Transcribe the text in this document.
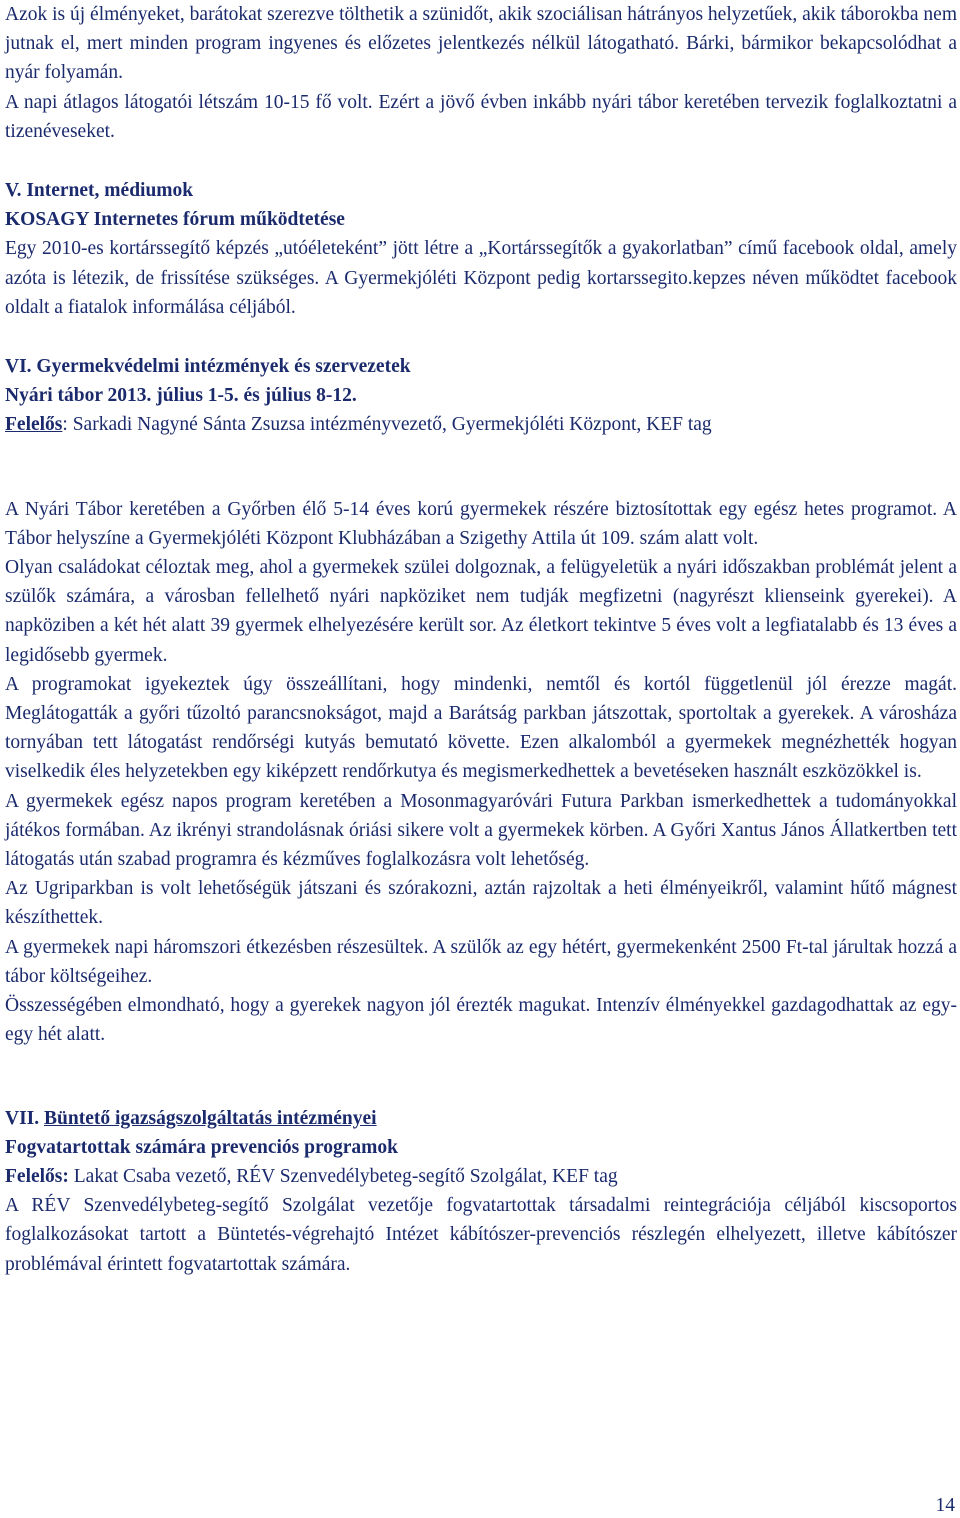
Azok is új élményeket, barátokat szerezve tölthetik a szünidőt, akik szociálisan hátrányos helyzetűek, akik táborokba nem jutnak el, mert minden program ingyenes és előzetes jelentkezés nélkül látogatható. Bárki, bármikor bekapcsolódhat a nyár folyamán.

A napi átlagos látogatói létszám 10-15 fő volt. Ezért a jövő évben inkább nyári tábor keretében tervezik foglalkoztatni a tizenéveseket.

V. Internet, médiumok
KOSAGY Internetes fórum működtetése

Egy 2010-es kortárssegítő képzés „utóéleteként” jött létre a „Kortárssegítők a gyakorlatban” című facebook oldal, amely azóta is létezik, de frissítése szükséges. A Gyermekjóléti Központ pedig kortarssegito.kepzes néven működtet facebook oldalt a fiatalok informálása céljából.

VI. Gyermekvédelmi intézmények és szervezetek
Nyári tábor 2013. július 1-5. és július 8-12.

Felelős: Sarkadi Nagyné Sánta Zsuzsa intézményvezető, Gyermekjóléti Központ, KEF tag

A Nyári Tábor keretében a Győrben élő 5-14 éves korú gyermekek részére biztosítottak egy egész hetes programot. A Tábor helyszíne a Gyermekjóléti Központ Klubházában a Szigethy Attila út 109. szám alatt volt.

Olyan családokat céloztak meg, ahol a gyermekek szülei dolgoznak, a felügyeletük a nyári időszakban problémát jelent a szülők számára, a városban fellelhető nyári napköziket nem tudják megfizetni (nagyrészt klienseink gyerekei). A napköziben a két hét alatt 39 gyermek elhelyezésére került sor. Az életkort tekintve 5 éves volt a legfiatalabb és 13 éves a legidősebb gyermek.

A programokat igyekeztek úgy összeállítani, hogy mindenki, nemtől és kortól függetlenül jól érezze magát. Meglátogatták a győri tűzoltó parancsnokságot, majd a Barátság parkban játszottak, sportoltak a gyerekek. A városháza tornyában tett látogatást rendőrségi kutyás bemutató követte. Ezen alkalomból a gyermekek megnézhették hogyan viselkedik éles helyzetekben egy kiképzett rendőrkutya és megismerkedhettek a bevetéseken használt eszközökkel is.

A gyermekek egész napos program keretében a Mosonmagyaróvári Futura Parkban ismerkedhettek a tudományokkal játékos formában. Az ikrényi strandolásnak óriási sikere volt a gyermekek körben. A Győri Xantus János Állatkertben tett látogatás után szabad programra és kézműves foglalkozásra volt lehetőség.

Az Ugriparkban is volt lehetőségük játszani és szórakozni, aztán rajzoltak a heti élményeikről, valamint hűtő mágnest készíthettek.

A gyermekek napi háromszori étkezésben részesültek. A szülők az egy hétért, gyermekenként 2500 Ft-tal járultak hozzá a tábor költségeihez.

Összességében elmondható, hogy a gyerekek nagyon jól érezték magukat. Intenzív élményekkel gazdagodhattak az egy-egy hét alatt.

VII. Büntető igazságszolgáltatás intézményei
Fogvatartottak számára prevenciós programok

Felelős: Lakat Csaba vezető, RÉV Szenvedélybeteg-segítő Szolgálat, KEF tag

A RÉV Szenvedélybeteg-segítő Szolgálat vezetője fogvatartottak társadalmi reintegrációja céljából kiscsoportos foglalkozásokat tartott a Büntetés-végrehajtó Intézet kábítószer-prevenciós részlegén elhelyezett, illetve kábítószer problémával érintett fogvatartottak számára.

14
